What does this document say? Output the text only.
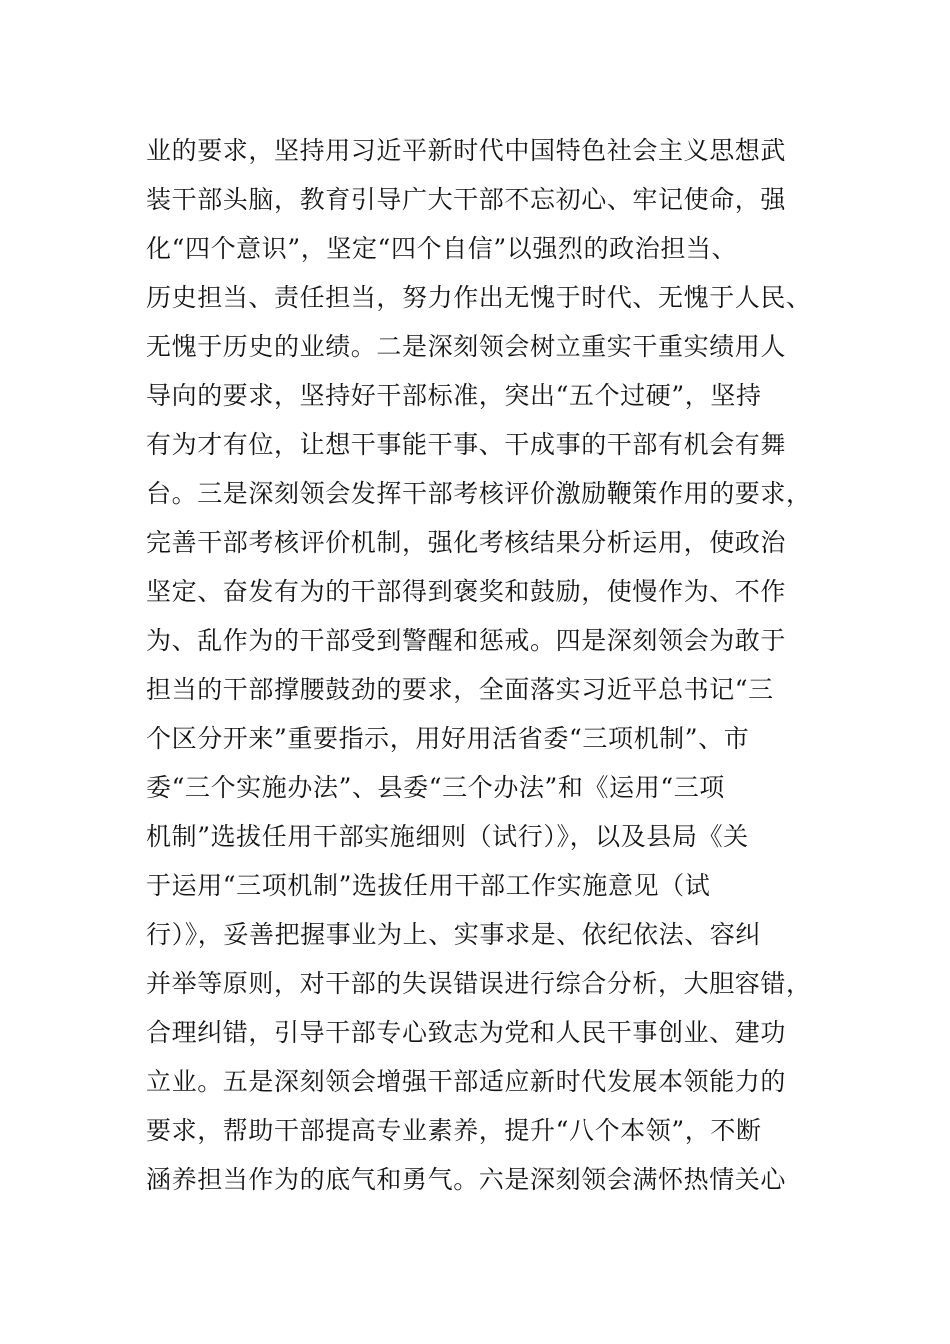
业的要求，坚持用习近平新时代中国特色社会主义思想武
装干部头脑，教育引导广大干部不忘初心、牢记使命，强
化“四个意识”，坚定“四个自信”以强烈的政治担当、
历史担当、责任担当，努力作出无愧于时代、无愧于人民、
无愧于历史的业绩。二是深刻领会树立重实干重实绩用人
导向的要求，坚持好干部标准，突出“五个过硬”，坚持
有为才有位，让想干事能干事、干成事的干部有机会有舞
台。三是深刻领会发挥干部考核评价激励鞭策作用的要求，
完善干部考核评价机制，强化考核结果分析运用，使政治
坚定、奋发有为的干部得到褒奖和鼓励，使慢作为、不作
为、乱作为的干部受到警醒和惩戒。四是深刻领会为敢于
担当的干部撑腰鼓劲的要求，全面落实习近平总书记“三
个区分开来”重要指示，用好用活省委“三项机制”、市
委“三个实施办法”、县委“三个办法”和《运用“三项
机制”选拔任用干部实施细则（试行）》，以及县局《关
于运用“三项机制”选拔任用干部工作实施意见（试
行）》，妥善把握事业为上、实事求是、依纪依法、容纠
并举等原则，对干部的失误错误进行综合分析，大胆容错，
合理纠错，引导干部专心致志为党和人民干事创业、建功
立业。五是深刻领会增强干部适应新时代发展本领能力的
要求，帮助干部提高专业素养，提升“八个本领”，不断
涵养担当作为的底气和勇气。六是深刻领会满怀热情关心
